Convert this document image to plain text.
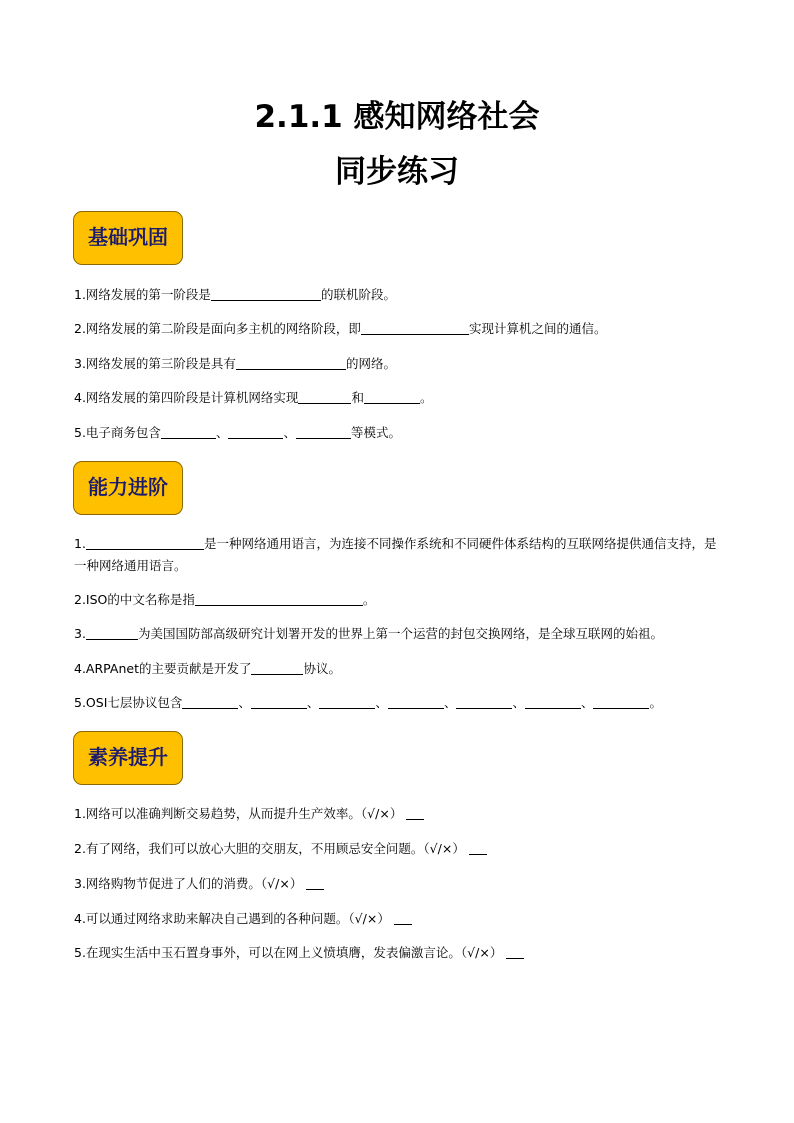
2.1.1 感知网络社会
同步练习
基础巩固
1.网络发展的第一阶段是	的联机阶段。
2.网络发展的第二阶段是面向多主机的网络阶段，即	实现计算机之间的通信。
3.网络发展的第三阶段是具有	的网络。
4.网络发展的第四阶段是计算机网络实现	和	。
5.电子商务包含	、	、	等模式。
能力进阶
1.	是一种网络通用语言，为连接不同操作系统和不同硬件体系结构的互联网络提供通信支持，是一种网络通用语言。
2.ISO的中文名称是指	。
3.	为美国国防部高级研究计划署开发的世界上第一个运营的封包交换网络，是全球互联网的始祖。
4.ARPAnet的主要贡献是开发了	协议。
5.OSI七层协议包含	、	、	、	、	、	、	。
素养提升
1.网络可以准确判断交易趋势，从而提升生产效率。（√/×）
2.有了网络，我们可以放心大胆的交朋友，不用顾忌安全问题。（√/×）
3.网络购物节促进了人们的消费。（√/×）
4.可以通过网络求助来解决自己遇到的各种问题。（√/×）
5.在现实生活中玉石置身事外，可以在网上义愤填膺，发表偏激言论。（√/×）
